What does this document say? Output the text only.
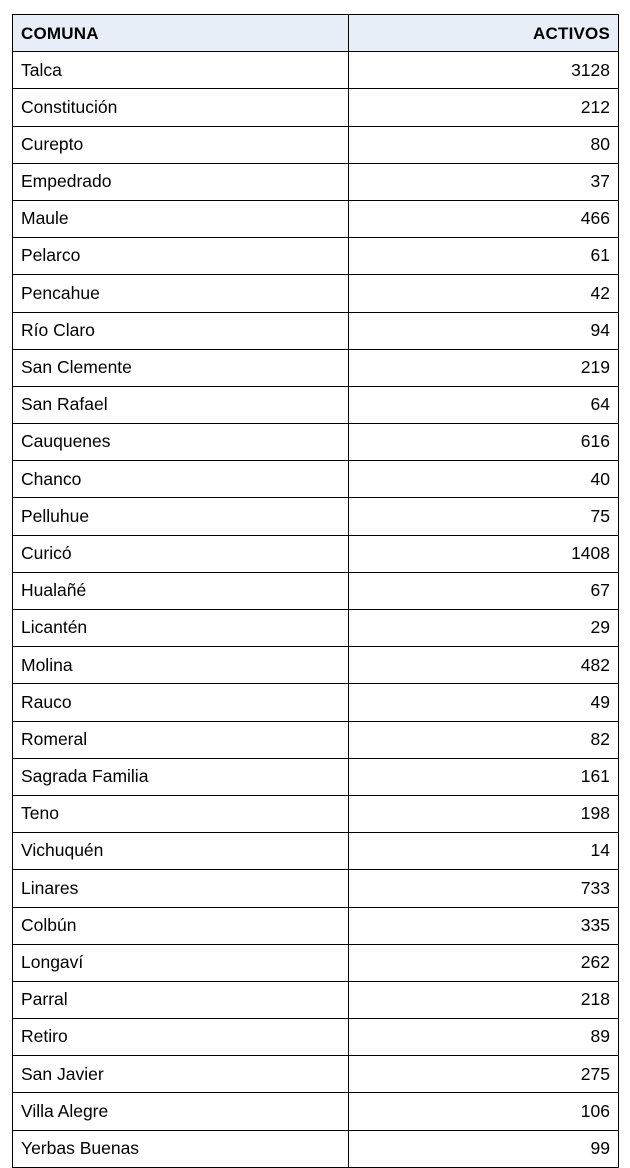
COMUNA	ACTIVOS
Talca	3128
Constitución	212
Curepto	80
Empedrado	37
Maule	466
Pelarco	61
Pencahue	42
Río Claro	94
San Clemente	219
San Rafael	64
Cauquenes	616
Chanco	40
Pelluhue	75
Curicó	1408
Hualañé	67
Licantén	29
Molina	482
Rauco	49
Romeral	82
Sagrada Familia	161
Teno	198
Vichuquén	14
Linares	733
Colbún	335
Longaví	262
Parral	218
Retiro	89
San Javier	275
Villa Alegre	106
Yerbas Buenas	99
